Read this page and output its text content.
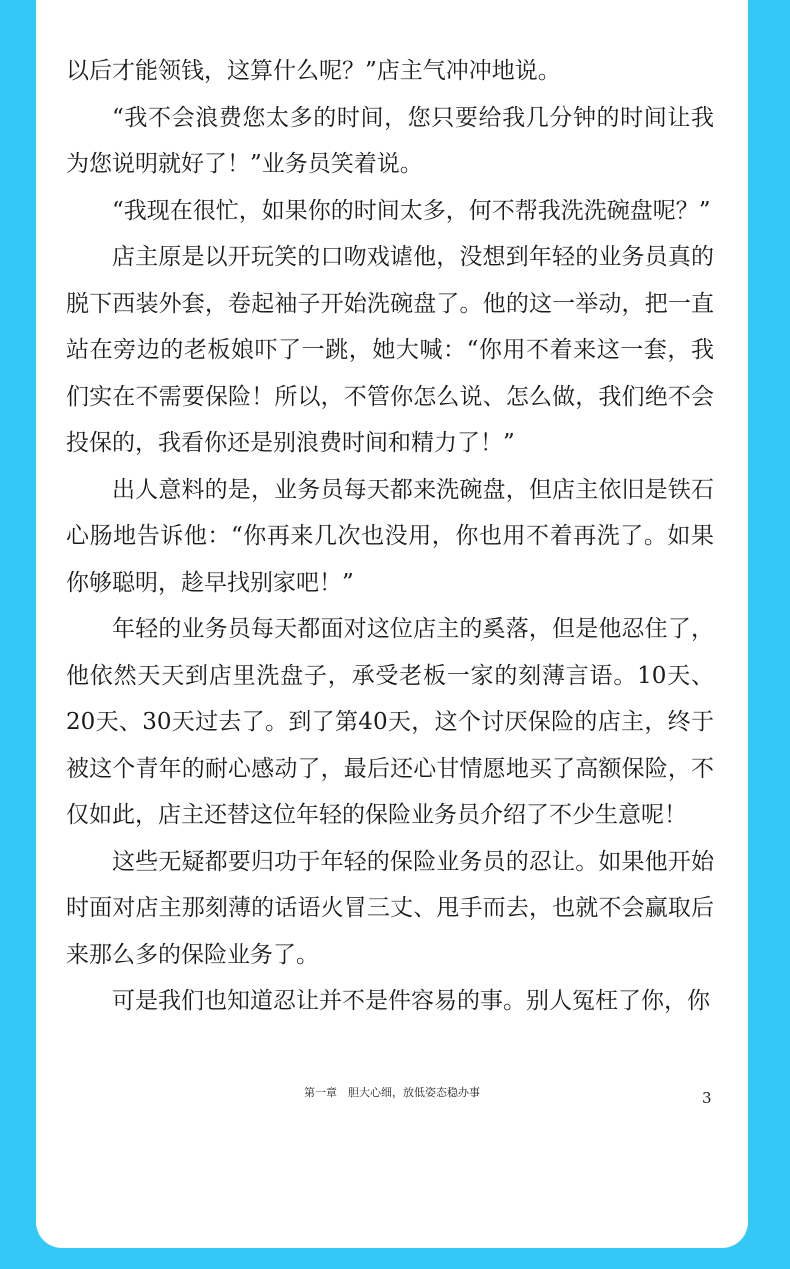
以后才能领钱，这算什么呢？”店主气冲冲地说。

“我不会浪费您太多的时间，您只要给我几分钟的时间让我为您说明就好了！”业务员笑着说。

“我现在很忙，如果你的时间太多，何不帮我洗洗碗盘呢？”

店主原是以开玩笑的口吻戏谑他，没想到年轻的业务员真的脱下西装外套，卷起袖子开始洗碗盘了。他的这一举动，把一直站在旁边的老板娘吓了一跳，她大喊：“你用不着来这一套，我们实在不需要保险！所以，不管你怎么说、怎么做，我们绝不会投保的，我看你还是别浪费时间和精力了！”

出人意料的是，业务员每天都来洗碗盘，但店主依旧是铁石心肠地告诉他：“你再来几次也没用，你也用不着再洗了。如果你够聪明，趁早找别家吧！”

年轻的业务员每天都面对这位店主的奚落，但是他忍住了，他依然天天到店里洗盘子，承受老板一家的刻薄言语。10天、20天、30天过去了。到了第40天，这个讨厌保险的店主，终于被这个青年的耐心感动了，最后还心甘情愿地买了高额保险，不仅如此，店主还替这位年轻的保险业务员介绍了不少生意呢！

这些无疑都要归功于年轻的保险业务员的忍让。如果他开始时面对店主那刻薄的话语火冒三丈、甩手而去，也就不会赢取后来那么多的保险业务了。

可是我们也知道忍让并不是件容易的事。别人冤枉了你，你

第一章　胆大心细，放低姿态稳办事	3
